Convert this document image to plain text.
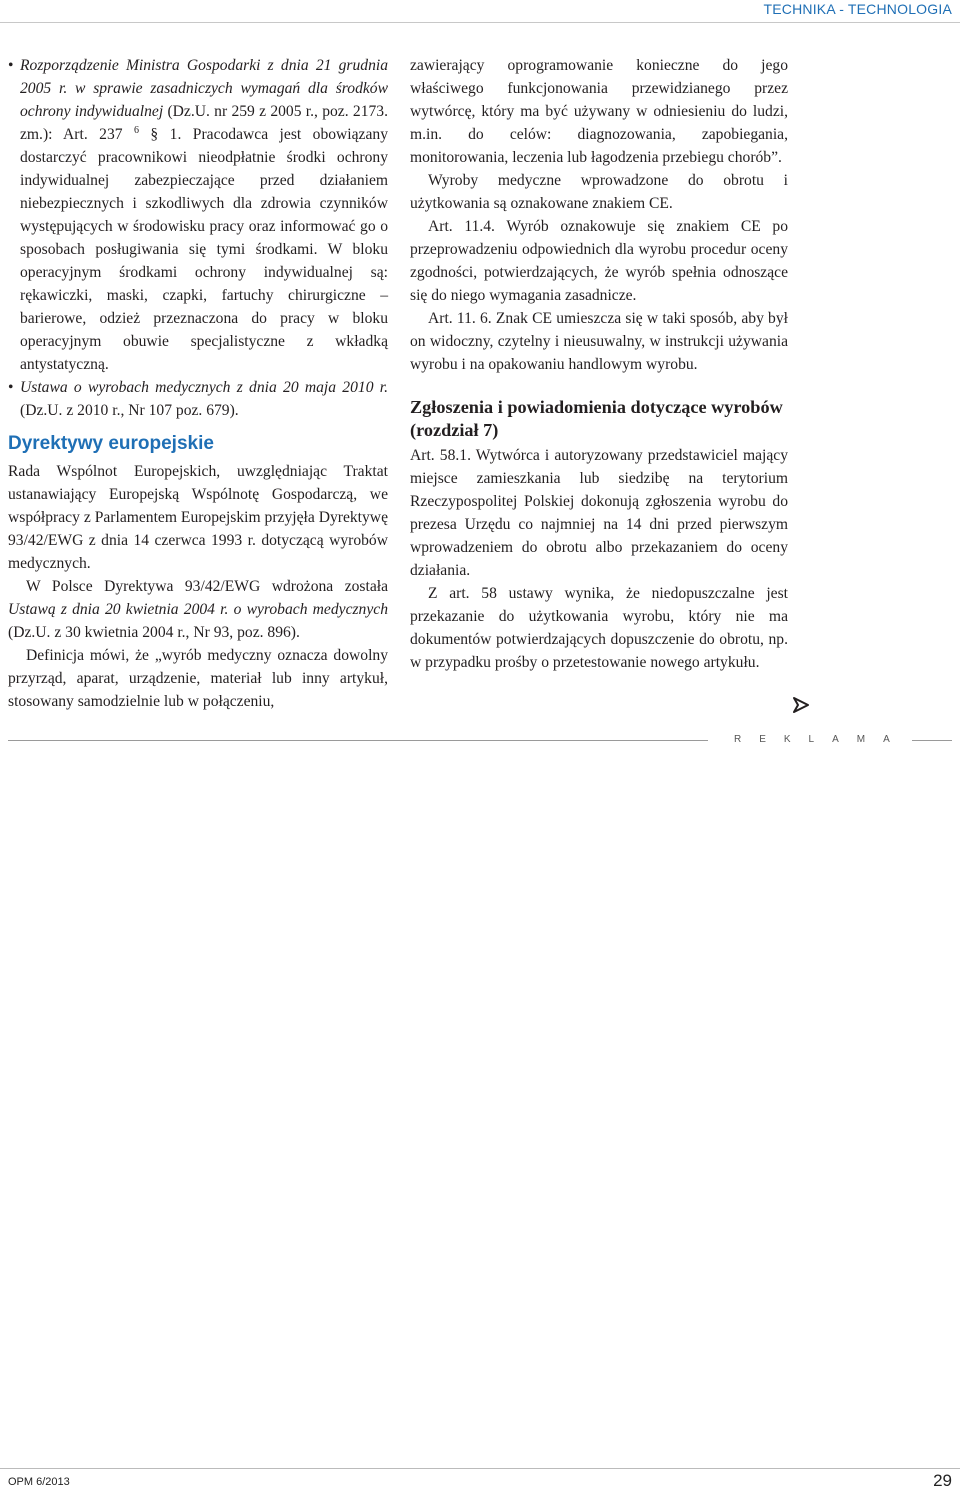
TECHNIKA - TECHNOLOGIA
• Rozporządzenie Ministra Gospodarki z dnia 21 grudnia 2005 r. w sprawie zasadniczych wymagań dla środków ochrony indywidualnej (Dz.U. nr 259 z 2005 r., poz. 2173. zm.): Art. 237 $^6$ § 1. Pracodawca jest obowiązany dostarczyć pracownikowi nieodpłatnie środki ochrony indywidualnej zabezpieczające przed działaniem niebezpiecznych i szkodliwych dla zdrowia czynników występujących w środowisku pracy oraz informować go o sposobach posługiwania się tymi środkami. W bloku operacyjnym środkami ochrony indywidualnej są: rękawiczki, maski, czapki, fartuchy chirurgiczne – barierowe, odzież przeznaczona do pracy w bloku operacyjnym obuwie specjalistyczne z wkładką antystatyczną.
• Ustawa o wyrobach medycznych z dnia 20 maja 2010 r. (Dz.U. z 2010 r., Nr 107 poz. 679).
Dyrektywy europejskie

Rada Wspólnot Europejskich, uwzględniając Traktat ustanawiający Europejską Wspólnotę Gospodarczą, we współpracy z Parlamentem Europejskim przyjęła Dyrektywę 93/42/EWG z dnia 14 czerwca 1993 r. dotyczącą wyrobów medycznych.

W Polsce Dyrektywa 93/42/EWG wdrożona została Ustawą z dnia 20 kwietnia 2004 r. o wyrobach medycznych (Dz.U. z 30 kwietnia 2004 r., Nr 93, poz. 896).

Definicja mówi, że „wyrób medyczny oznacza dowolny przyrząd, aparat, urządzenie, materiał lub inny artykuł, stosowany samodzielnie lub w połączeniu,

zawierający oprogramowanie konieczne do jego właściwego funkcjonowania przewidzianego przez wytwórcę, który ma być używany w odniesieniu do ludzi, m.in. do celów: diagnozowania, zapobiegania, monitorowania, leczenia lub łagodzenia przebiegu chorób”.

Wyroby medyczne wprowadzone do obrotu i użytkowania są oznakowane znakiem CE.

Art. 11.4. Wyrób oznakowuje się znakiem CE po przeprowadzeniu odpowiednich dla wyrobu procedur oceny zgodności, potwierdzających, że wyrób spełnia odnoszące się do niego wymagania zasadnicze.

Art. 11. 6. Znak CE umieszcza się w taki sposób, aby był on widoczny, czytelny i nieusuwalny, w instrukcji używania wyrobu i na opakowaniu handlowym wyrobu.

Zgłoszenia i powiadomienia dotyczące wyrobów (rozdział 7)

Art. 58.1. Wytwórca i autoryzowany przedstawiciel mający miejsce zamieszkania lub siedzibę na terytorium Rzeczypospolitej Polskiej dokonują zgłoszenia wyrobu do prezesa Urzędu co najmniej na 14 dni przed pierwszym wprowadzeniem do obrotu albo przekazaniem do oceny działania.

Z art. 58 ustawy wynika, że niedopuszczalne jest przekazanie do użytkowania wyrobu, który nie ma dokumentów potwierdzających dopuszczenie do obrotu, np. w przypadku prośby o przetestowanie nowego artykułu.

REKLAMA
OPM 6/2013	29
